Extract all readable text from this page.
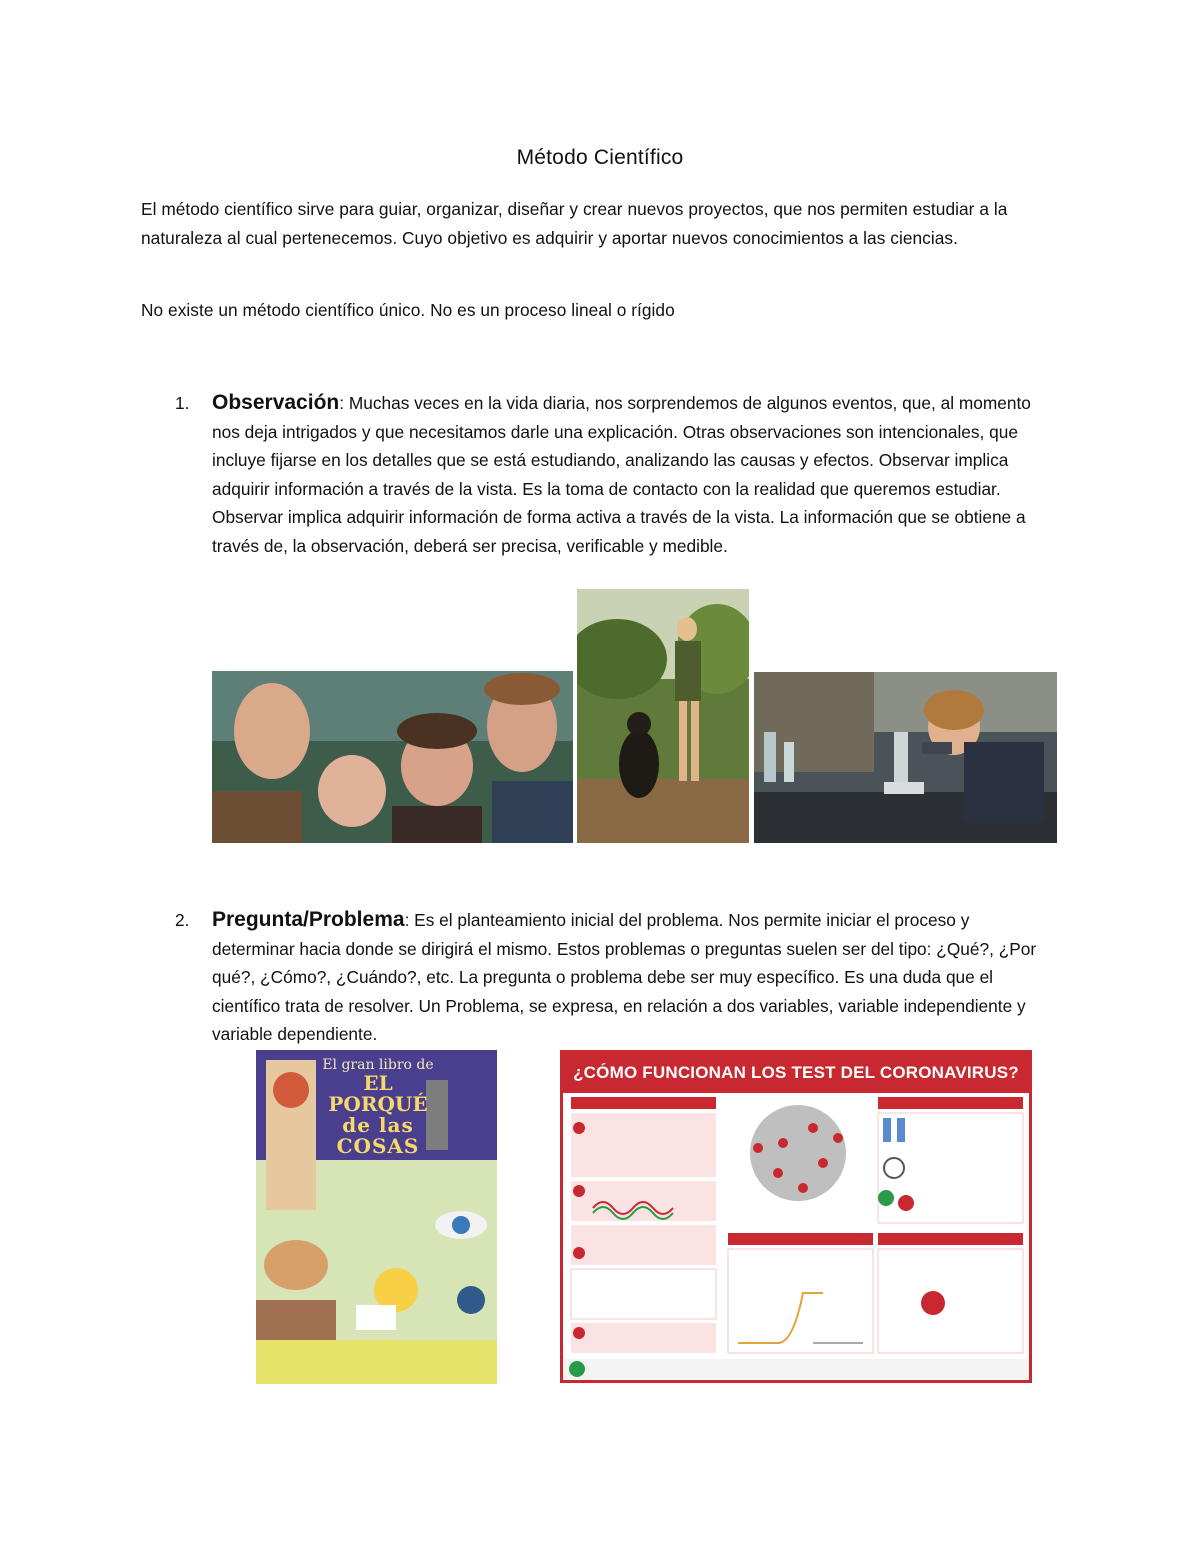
Método Científico
El método científico sirve para guiar, organizar, diseñar y crear nuevos proyectos, que nos permiten estudiar a la naturaleza al cual pertenecemos. Cuyo objetivo es adquirir y aportar nuevos conocimientos a las ciencias.
No existe un método científico único. No es un proceso lineal o rígido
1.	Observación: Muchas veces en la vida diaria, nos sorprendemos de algunos eventos, que, al momento nos deja intrigados y que necesitamos darle una explicación. Otras observaciones son intencionales, que incluye fijarse en los detalles que se está estudiando, analizando las causas y efectos. Observar implica adquirir información a través de la vista. Es la toma de contacto con la realidad que queremos estudiar. Observar implica adquirir información de forma activa a través de la vista. La información que se obtiene a través de, la observación, deberá ser precisa, verificable y medible.
2.	Pregunta/Problema: Es el planteamiento inicial del problema. Nos permite iniciar el proceso y determinar hacia donde se dirigirá el mismo. Estos problemas o preguntas suelen ser del tipo: ¿Qué?, ¿Por qué?, ¿Cómo?, ¿Cuándo?, etc. La pregunta o problema debe ser muy específico. Es una duda que el científico trata de resolver. Un Problema, se expresa, en relación a dos variables, variable independiente y variable dependiente.
El gran libro de
EL PORQUÉ
de las COSAS
¿CÓMO FUNCIONAN LOS TEST DEL CORONAVIRUS?
